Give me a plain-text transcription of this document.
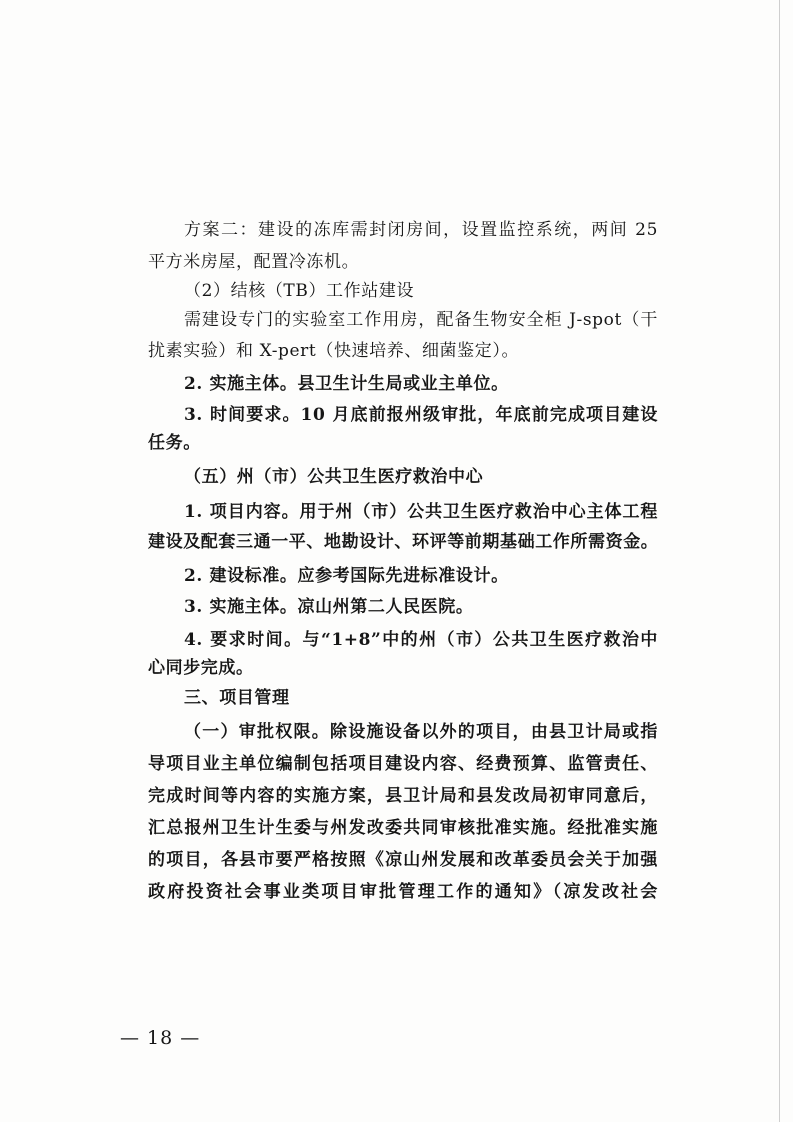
方案二：建设的冻库需封闭房间，设置监控系统，两间 25
平方米房屋，配置冷冻机。
（2）结核（TB）工作站建设
需建设专门的实验室工作用房，配备生物安全柜 J-spot（干
扰素实验）和 X-pert（快速培养、细菌鉴定）。
2. 实施主体。县卫生计生局或业主单位。
3. 时间要求。10 月底前报州级审批，年底前完成项目建设
任务。
（五）州（市）公共卫生医疗救治中心
1. 项目内容。用于州（市）公共卫生医疗救治中心主体工程
建设及配套三通一平、地勘设计、环评等前期基础工作所需资金。
2. 建设标准。应参考国际先进标准设计。
3. 实施主体。凉山州第二人民医院。
4. 要求时间。与“1+8”中的州（市）公共卫生医疗救治中
心同步完成。
三、项目管理
（一）审批权限。除设施设备以外的项目，由县卫计局或指
导项目业主单位编制包括项目建设内容、经费预算、监管责任、
完成时间等内容的实施方案，县卫计局和县发改局初审同意后，
汇总报州卫生计生委与州发改委共同审核批准实施。经批准实施
的项目，各县市要严格按照《凉山州发展和改革委员会关于加强
政府投资社会事业类项目审批管理工作的通知》（凉发改社会
— 18 —
